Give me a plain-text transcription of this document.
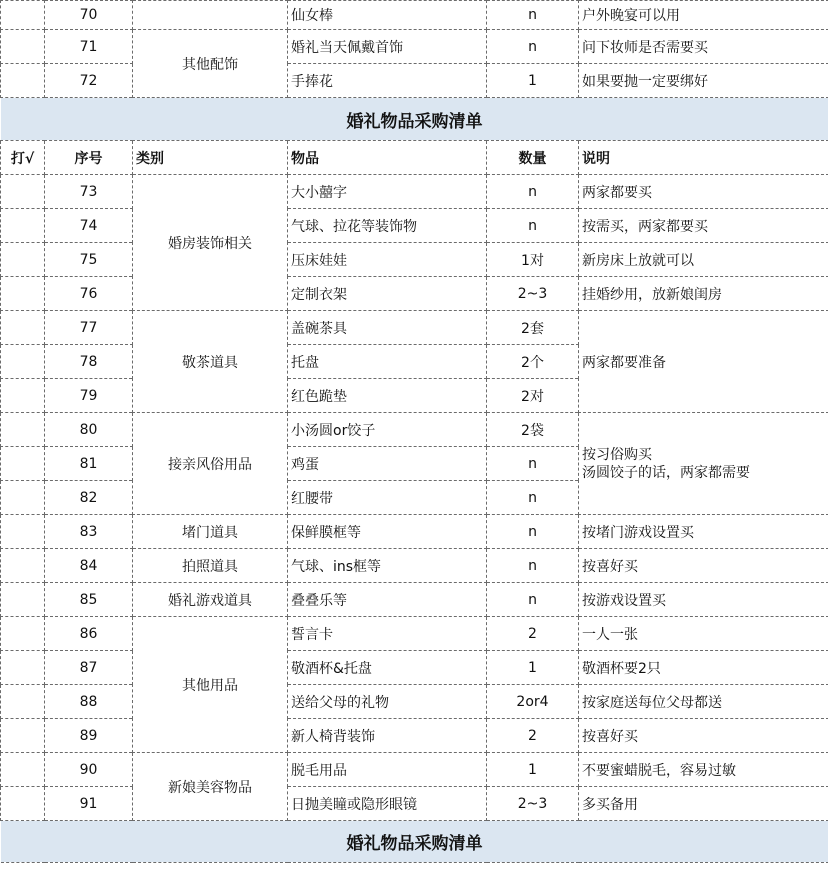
	70		仙女棒	n	户外晚宴可以用
	71	其他配饰	婚礼当天佩戴首饰	n	问下妆师是否需要买
	72		手捧花	1	如果要抛一定要绑好
婚礼物品采购清单					
打√	序号	类别	物品	数量	说明
	73	婚房装饰相关	大小囍字	n	两家都要买
	74		气球、拉花等装饰物	n	按需买，两家都要买
	75		压床娃娃	1对	新房床上放就可以
	76		定制衣架	2~3	挂婚纱用，放新娘闺房
	77	敬茶道具	盖碗茶具	2套	两家都要准备
	78		托盘	2个	
	79		红色跪垫	2对	
	80	接亲风俗用品	小汤圆or饺子	2袋	按习俗购买
汤圆饺子的话，两家都需要

	81		鸡蛋	n	
	82		红腰带	n	
	83	堵门道具	保鲜膜框等	n	按堵门游戏设置买
	84	拍照道具	气球、ins框等	n	按喜好买
	85	婚礼游戏道具	叠叠乐等	n	按游戏设置买
	86	其他用品	誓言卡	2	一人一张
	87		敬酒杯&托盘	1	敬酒杯要2只
	88		送给父母的礼物	2or4	按家庭送每位父母都送
	89		新人椅背装饰	2	按喜好买
	90	新娘美容物品	脱毛用品	1	不要蜜蜡脱毛，容易过敏
	91		日抛美瞳或隐形眼镜	2~3	多买备用
婚礼物品采购清单					
